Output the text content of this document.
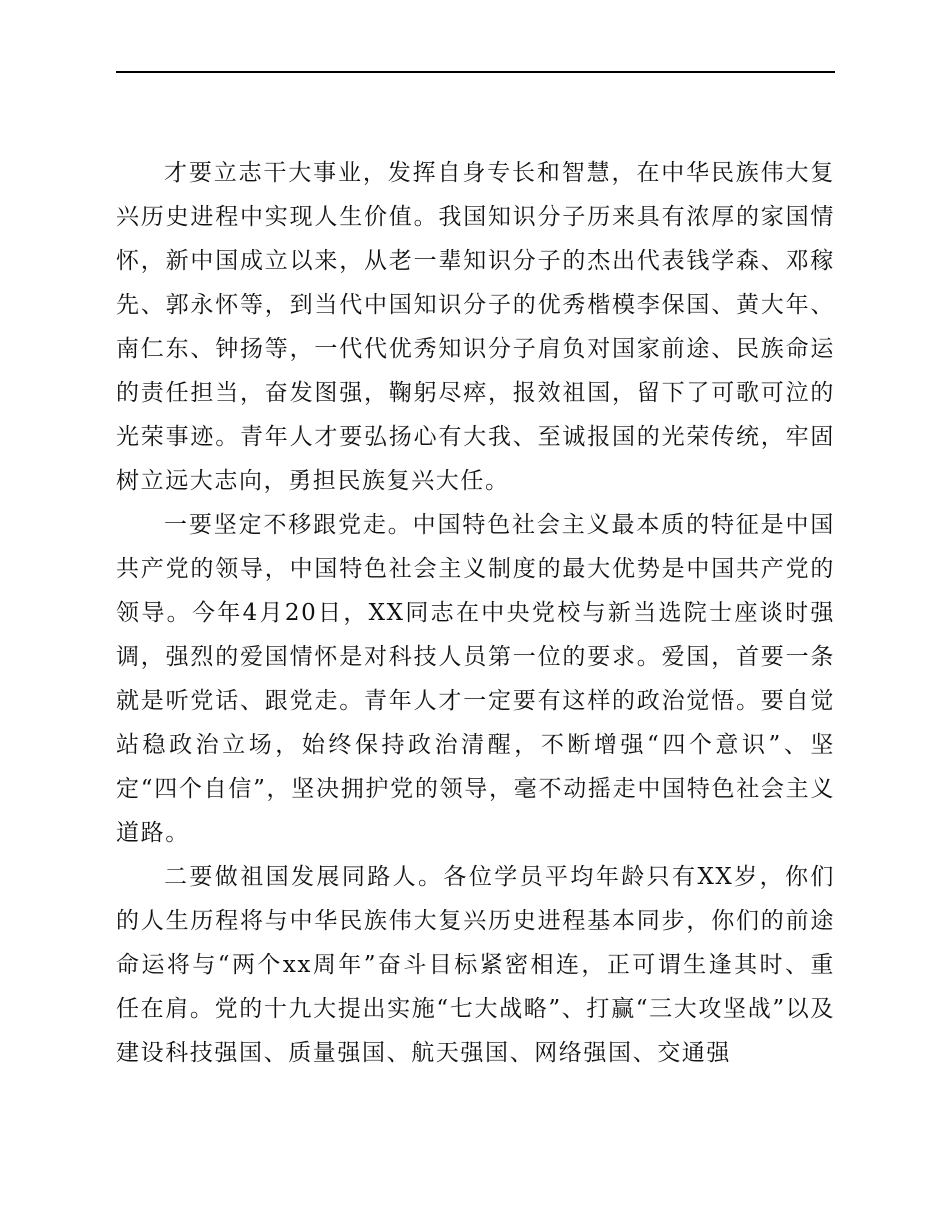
才要立志干大事业，发挥自身专长和智慧，在中华民族伟大复兴历史进程中实现人生价值。我国知识分子历来具有浓厚的家国情怀，新中国成立以来，从老一辈知识分子的杰出代表钱学森、邓稼先、郭永怀等，到当代中国知识分子的优秀楷模李保国、黄大年、南仁东、钟扬等，一代代优秀知识分子肩负对国家前途、民族命运的责任担当，奋发图强，鞠躬尽瘁，报效祖国，留下了可歌可泣的光荣事迹。青年人才要弘扬心有大我、至诚报国的光荣传统，牢固树立远大志向，勇担民族复兴大任。

一要坚定不移跟党走。中国特色社会主义最本质的特征是中国共产党的领导，中国特色社会主义制度的最大优势是中国共产党的领导。今年4月20日，XX同志在中央党校与新当选院士座谈时强调，强烈的爱国情怀是对科技人员第一位的要求。爱国，首要一条就是听党话、跟党走。青年人才一定要有这样的政治觉悟。要自觉站稳政治立场，始终保持政治清醒，不断增强“四个意识”、坚定“四个自信”，坚决拥护党的领导，毫不动摇走中国特色社会主义道路。

二要做祖国发展同路人。各位学员平均年龄只有XX岁，你们的人生历程将与中华民族伟大复兴历史进程基本同步，你们的前途命运将与“两个xx周年”奋斗目标紧密相连，正可谓生逢其时、重任在肩。党的十九大提出实施“七大战略”、打赢“三大攻坚战”以及建设科技强国、质量强国、航天强国、网络强国、交通强
